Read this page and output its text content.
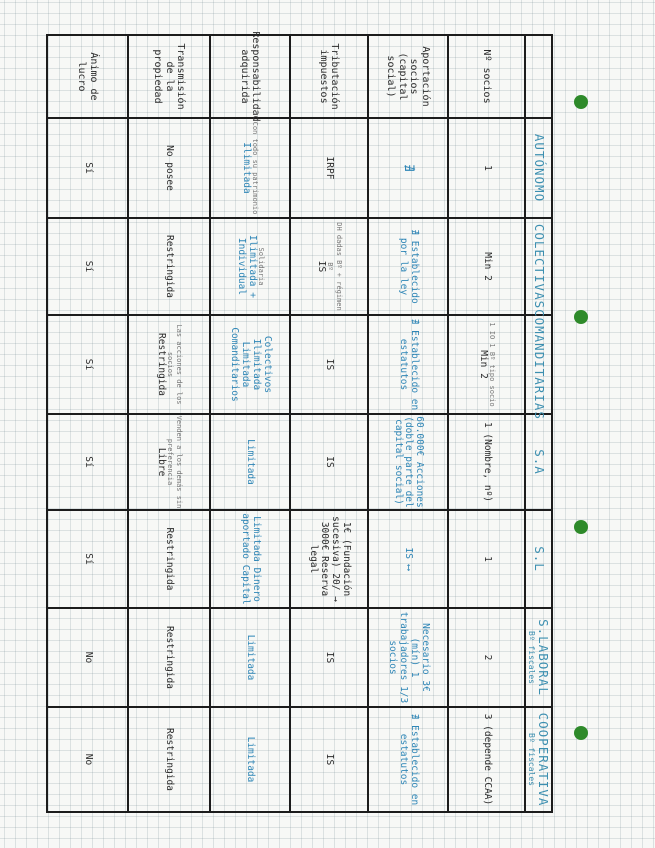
AUTÓNOMO
COLECTIVAS
COMANDITARIAS
S.A
S.L
S.LABORAL
Bº fiscales
COOPERATIVA
Bº fiscales
Nº socios
1
Min 2
1 IO 1 Bº tipo socio
Min 2
1 (Nombre, nº)
1
2
3 (depende CCAA)
Aportación socios (capital social)
∄
∄ Establecido por la ley
∄ Establecido en estatutos
60.000€ Acciones (doble parte del capital social)
IS ⟷
Necesario 3€ (mín) 1 trabajadores 1/3 socios
∄ Establecido en estatutos
Tributación impuestos
IRPF
DH dadas Bº + régimen Bº
IS
IS
IS
1€ (Fundación sucesiva) 20/ → 3000€ Reserva legal
IS
IS
Responsabilidad adquirida
Con todo su patrimonio
Ilimitada
Solidaria
Ilimitada + Individual
Colectivos Ilimitada Limitada Comanditarios
Limitada
Limitada Dinero aportado Capital
Limitada
Limitada
Transmisión de la propiedad
No posee
Restringida
Las acciones de los socios
Restringida
Venden a los demás sin preferencia
Libre
Restringida
Restringida
Restringida
Ánimo de lucro
Sí
Sí
Sí
Sí
Sí
No
No
